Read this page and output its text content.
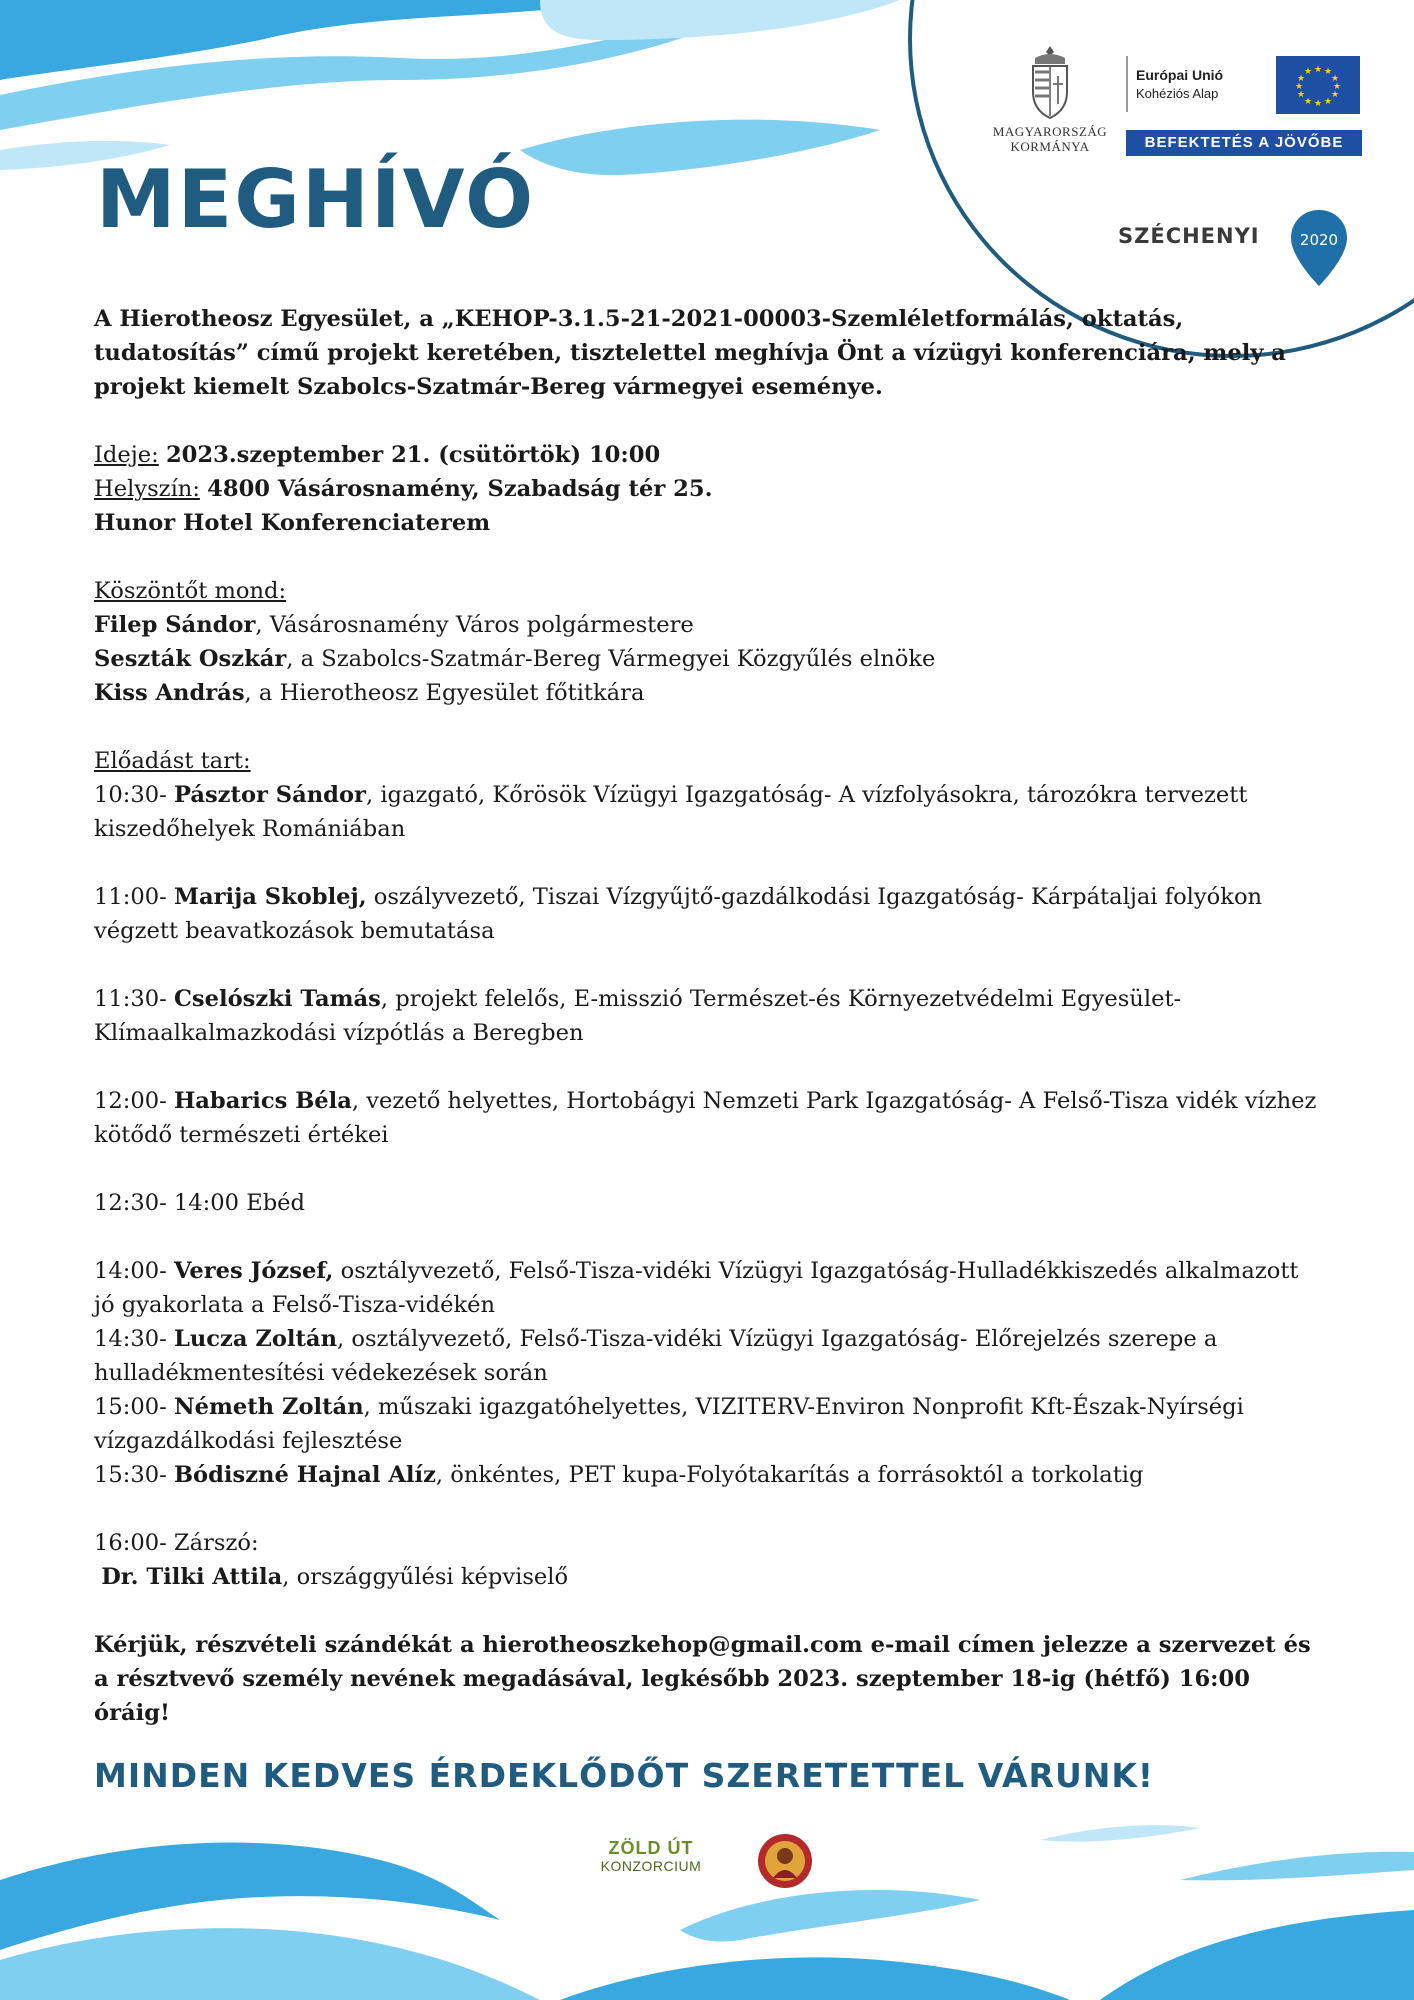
MAGYARORSZÁG
KORMÁNYA
Európai Unió
Kohéziós Alap
★ ★
★
★
★
★
★
★
★
★
★
★
BEFEKTETÉS A JÖVŐBE
SZÉCHENYI	2020
MEGHÍVÓ

A Hierotheosz Egyesület, a „KEHOP-3.1.5-21-2021-00003-Szemléletformálás, oktatás, tudatosítás” című projekt keretében, tisztelettel meghívja Önt a vízügyi konferenciára, mely a projekt kiemelt Szabolcs-Szatmár-Bereg vármegyei eseménye.

Ideje: 2023.szeptember 21. (csütörtök) 10:00

Helyszín: 4800 Vásárosnamény, Szabadság tér 25.

Hunor Hotel Konferenciaterem

Köszöntőt mond:

Filep Sándor, Vásárosnamény Város polgármestere

Seszták Oszkár, a Szabolcs-Szatmár-Bereg Vármegyei Közgyűlés elnöke

Kiss András, a Hierotheosz Egyesület főtitkára

Előadást tart:

10:30- Pásztor Sándor, igazgató, Kőrösök Vízügyi Igazgatóság- A vízfolyásokra, tározókra tervezett kiszedőhelyek Romániában

11:00- Marija Skoblej, oszályvezető, Tiszai Vízgyűjtő-gazdálkodási Igazgatóság- Kárpátaljai folyókon végzett beavatkozások bemutatása

11:30- Cselószki Tamás, projekt felelős, E-misszió Természet-és Környezetvédelmi Egyesület- Klímaalkalmazkodási vízpótlás a Beregben

12:00- Habarics Béla, vezető helyettes, Hortobágyi Nemzeti Park Igazgatóság- A Felső-Tisza vidék vízhez kötődő természeti értékei

12:30- 14:00 Ebéd

14:00- Veres József, osztályvezető, Felső-Tisza-vidéki Vízügyi Igazgatóság-Hulladékkiszedés alkalmazott jó gyakorlata a Felső-Tisza-vidékén

14:30- Lucza Zoltán, osztályvezető, Felső-Tisza-vidéki Vízügyi Igazgatóság- Előrejelzés szerepe a hulladékmentesítési védekezések során

15:00- Németh Zoltán, műszaki igazgatóhelyettes, VIZITERV-Environ Nonprofit Kft-Észak-Nyírségi vízgazdálkodási fejlesztése

15:30- Bódiszné Hajnal Alíz, önkéntes, PET kupa-Folyótakarítás a forrásoktól a torkolatig

16:00- Zárszó:

Dr. Tilki Attila, országgyűlési képviselő

Kérjük, részvételi szándékát a hierotheoszkehop@gmail.com e-mail címen jelezze a szervezet és a résztvevő személy nevének megadásával, legkésőbb 2023. szeptember 18-ig (hétfő) 16:00 óráig!

MINDEN KEDVES ÉRDEKLŐDŐT SZERETETTEL VÁRUNK!
ZÖLD ÚT
KONZORCIUM
